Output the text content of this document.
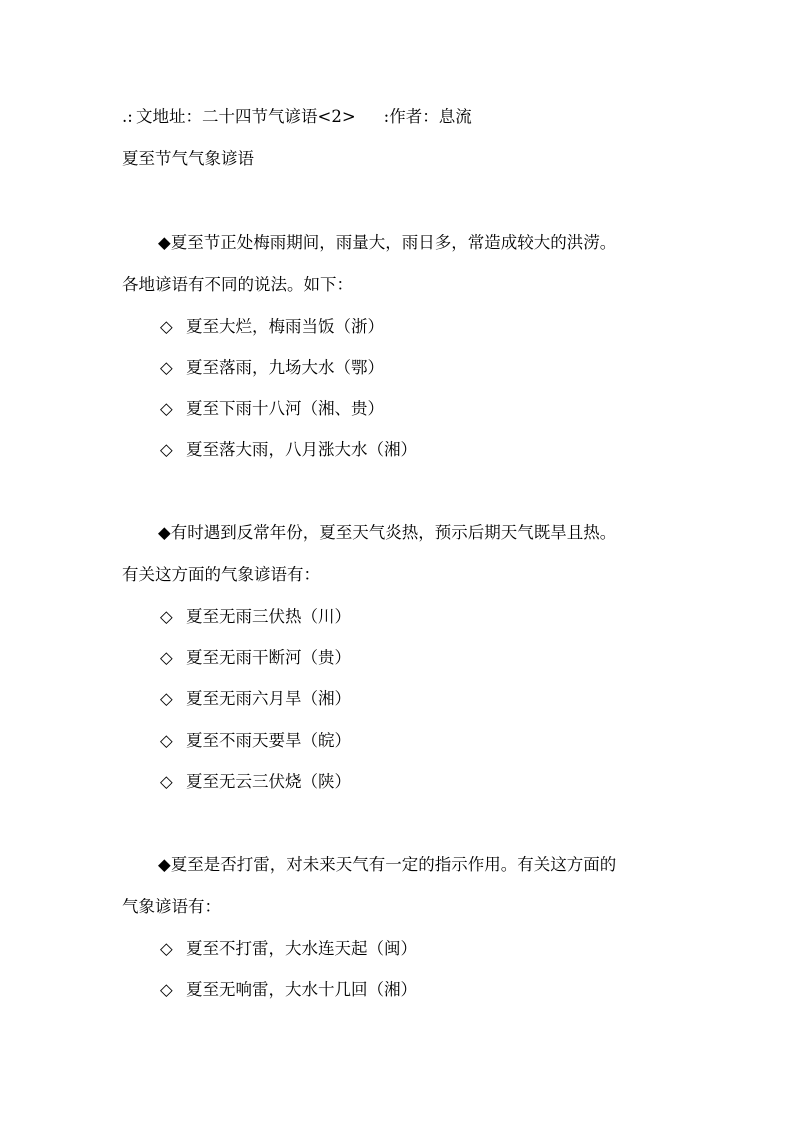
.: 文地址：二十四节气谚语<2> :作者：息流
夏至节气气象谚语
◆夏至节正处梅雨期间，雨量大，雨日多，常造成较大的洪涝。
各地谚语有不同的说法。如下：
◇ 夏至大烂，梅雨当饭（浙）
◇ 夏至落雨，九场大水（鄂）
◇ 夏至下雨十八河（湘、贵）
◇ 夏至落大雨，八月涨大水（湘）
◆有时遇到反常年份，夏至天气炎热，预示后期天气既旱且热。
有关这方面的气象谚语有：
◇ 夏至无雨三伏热（川）
◇ 夏至无雨干断河（贵）
◇ 夏至无雨六月旱（湘）
◇ 夏至不雨天要旱（皖）
◇ 夏至无云三伏烧（陕）
◆夏至是否打雷，对未来天气有一定的指示作用。有关这方面的
气象谚语有：
◇ 夏至不打雷，大水连天起（闽）
◇ 夏至无响雷，大水十几回（湘）
